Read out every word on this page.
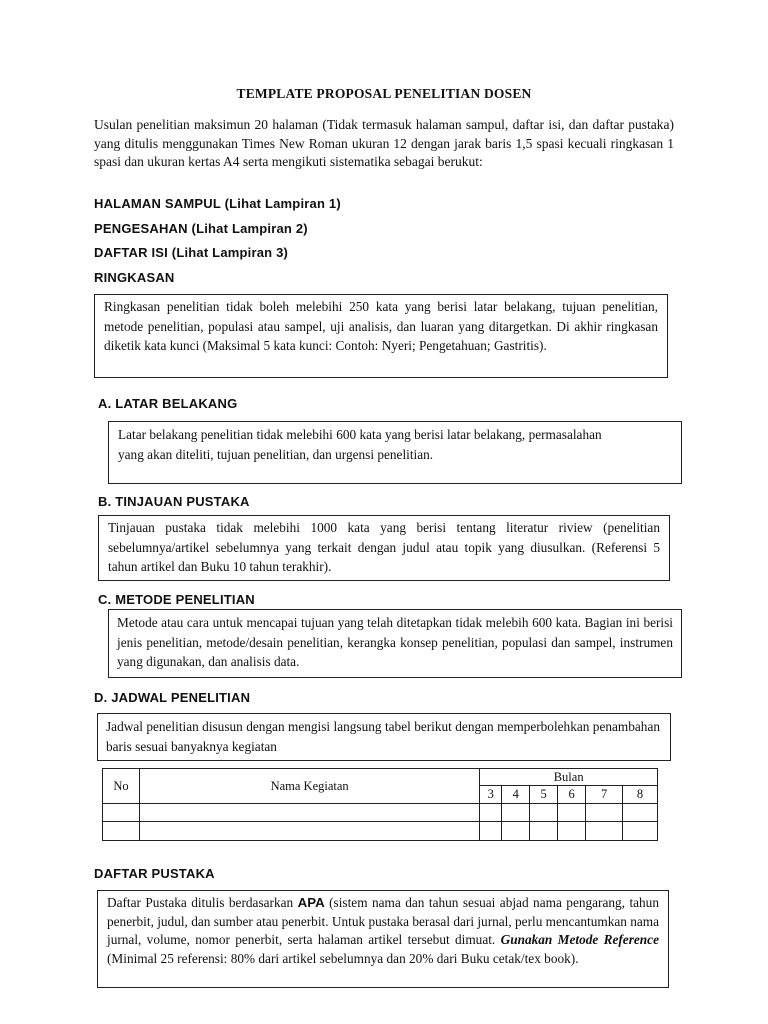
TEMPLATE PROPOSAL PENELITIAN DOSEN
Usulan penelitian maksimun 20 halaman (Tidak termasuk halaman sampul, daftar isi, dan daftar pustaka) yang ditulis menggunakan Times New Roman ukuran 12 dengan jarak baris 1,5 spasi kecuali ringkasan 1 spasi dan ukuran kertas A4 serta mengikuti sistematika sebagai berukut:
HALAMAN SAMPUL (Lihat Lampiran 1)
PENGESAHAN (Lihat Lampiran 2)
DAFTAR ISI (Lihat Lampiran 3)
RINGKASAN
Ringkasan penelitian tidak boleh melebihi 250 kata yang berisi latar belakang, tujuan penelitian, metode penelitian, populasi atau sampel, uji analisis, dan luaran yang ditargetkan. Di akhir ringkasan diketik kata kunci (Maksimal 5 kata kunci: Contoh: Nyeri; Pengetahuan; Gastritis).
A. LATAR BELAKANG
Latar belakang penelitian tidak melebihi 600 kata yang berisi latar belakang, permasalahan yang akan diteliti, tujuan penelitian, dan urgensi penelitian.
B. TINJAUAN PUSTAKA
Tinjauan pustaka tidak melebihi 1000 kata yang berisi tentang literatur riview (penelitian sebelumnya/artikel sebelumnya yang terkait dengan judul atau topik yang diusulkan. (Referensi 5 tahun artikel dan Buku 10 tahun terakhir).
C. METODE PENELITIAN
Metode atau cara untuk mencapai tujuan yang telah ditetapkan tidak melebih 600 kata. Bagian ini berisi jenis penelitian, metode/desain penelitian, kerangka konsep penelitian, populasi dan sampel, instrumen yang digunakan, dan analisis data.
D. JADWAL PENELITIAN
Jadwal penelitian disusun dengan mengisi langsung tabel berikut dengan memperbolehkan penambahan baris sesuai banyaknya kegiatan
No	Nama Kegiatan	Bulan					
		3	4	5	6	7	8

DAFTAR PUSTAKA
Daftar Pustaka ditulis berdasarkan APA (sistem nama dan tahun sesuai abjad nama pengarang, tahun penerbit, judul, dan sumber atau penerbit. Untuk pustaka berasal dari jurnal, perlu mencantumkan nama jurnal, volume, nomor penerbit, serta halaman artikel tersebut dimuat. Gunakan Metode Reference (Minimal 25 referensi: 80% dari artikel sebelumnya dan 20% dari Buku cetak/tex book).
